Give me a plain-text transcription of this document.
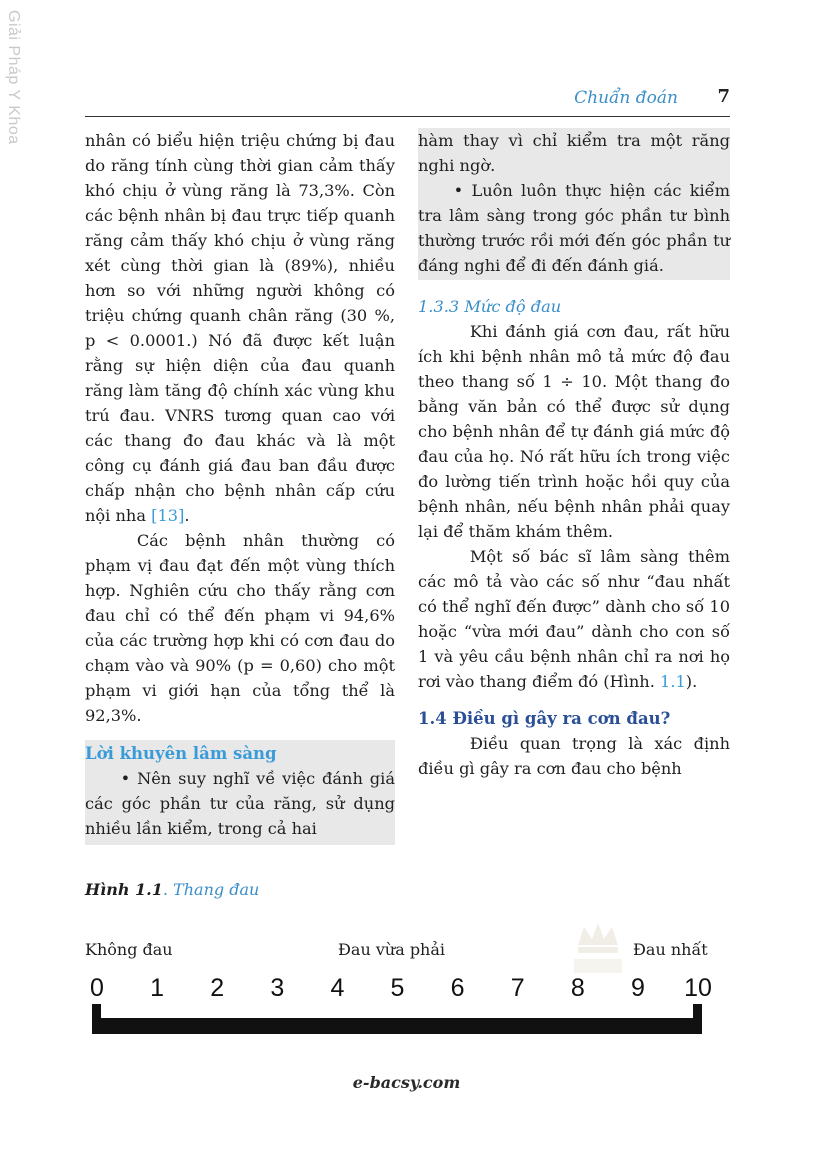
Giải Pháp Y Khoa	Chuẩn đoán 7

nhân có biểu hiện triệu chứng bị đau do răng tính cùng thời gian cảm thấy khó chịu ở vùng răng là 73,3%. Còn các bệnh nhân bị đau trực tiếp quanh răng cảm thấy khó chịu ở vùng răng xét cùng thời gian là (89%), nhiều hơn so với những người không có triệu chứng quanh chân răng (30 %, p < 0.0001.) Nó đã được kết luận rằng sự hiện diện của đau quanh răng làm tăng độ chính xác vùng khu trú đau. VNRS tương quan cao với các thang đo đau khác và là một công cụ đánh giá đau ban đầu được chấp nhận cho bệnh nhân cấp cứu nội nha [13].

Các bệnh nhân thường có phạm vị đau đạt đến một vùng thích hợp. Nghiên cứu cho thấy rằng cơn đau chỉ có thể đến phạm vi 94,6% của các trường hợp khi có cơn đau do chạm vào và 90% (p = 0,60) cho một phạm vi giới hạn của tổng thể là 92,3%.

Lời khuyên lâm sàng

• Nên suy nghĩ về việc đánh giá các góc phần tư của răng, sử dụng nhiều lần kiểm, trong cả hai

hàm thay vì chỉ kiểm tra một răng nghi ngờ.

• Luôn luôn thực hiện các kiểm tra lâm sàng trong góc phần tư bình thường trước rồi mới đến góc phần tư đáng nghi để đi đến đánh giá.

1.3.3 Mức độ đau

Khi đánh giá cơn đau, rất hữu ích khi bệnh nhân mô tả mức độ đau theo thang số 1 ÷ 10. Một thang đo bằng văn bản có thể được sử dụng cho bệnh nhân để tự đánh giá mức độ đau của họ. Nó rất hữu ích trong việc đo lường tiến trình hoặc hồi quy của bệnh nhân, nếu bệnh nhân phải quay lại để thăm khám thêm.

Một số bác sĩ lâm sàng thêm các mô tả vào các số như “đau nhất có thể nghĩ đến được” dành cho số 10 hoặc “vừa mới đau” dành cho con số 1 và yêu cầu bệnh nhân chỉ ra nơi họ rơi vào thang điểm đó (Hình. 1.1).

1.4 Điều gì gây ra cơn đau?

Điều quan trọng là xác định điều gì gây ra cơn đau cho bệnh

Hình 1.1. Thang đau
Không đau	Đau vừa phải	Đau nhất
0 1 2 3 4 5 6 7 8 9 10
e-bacsy.com
